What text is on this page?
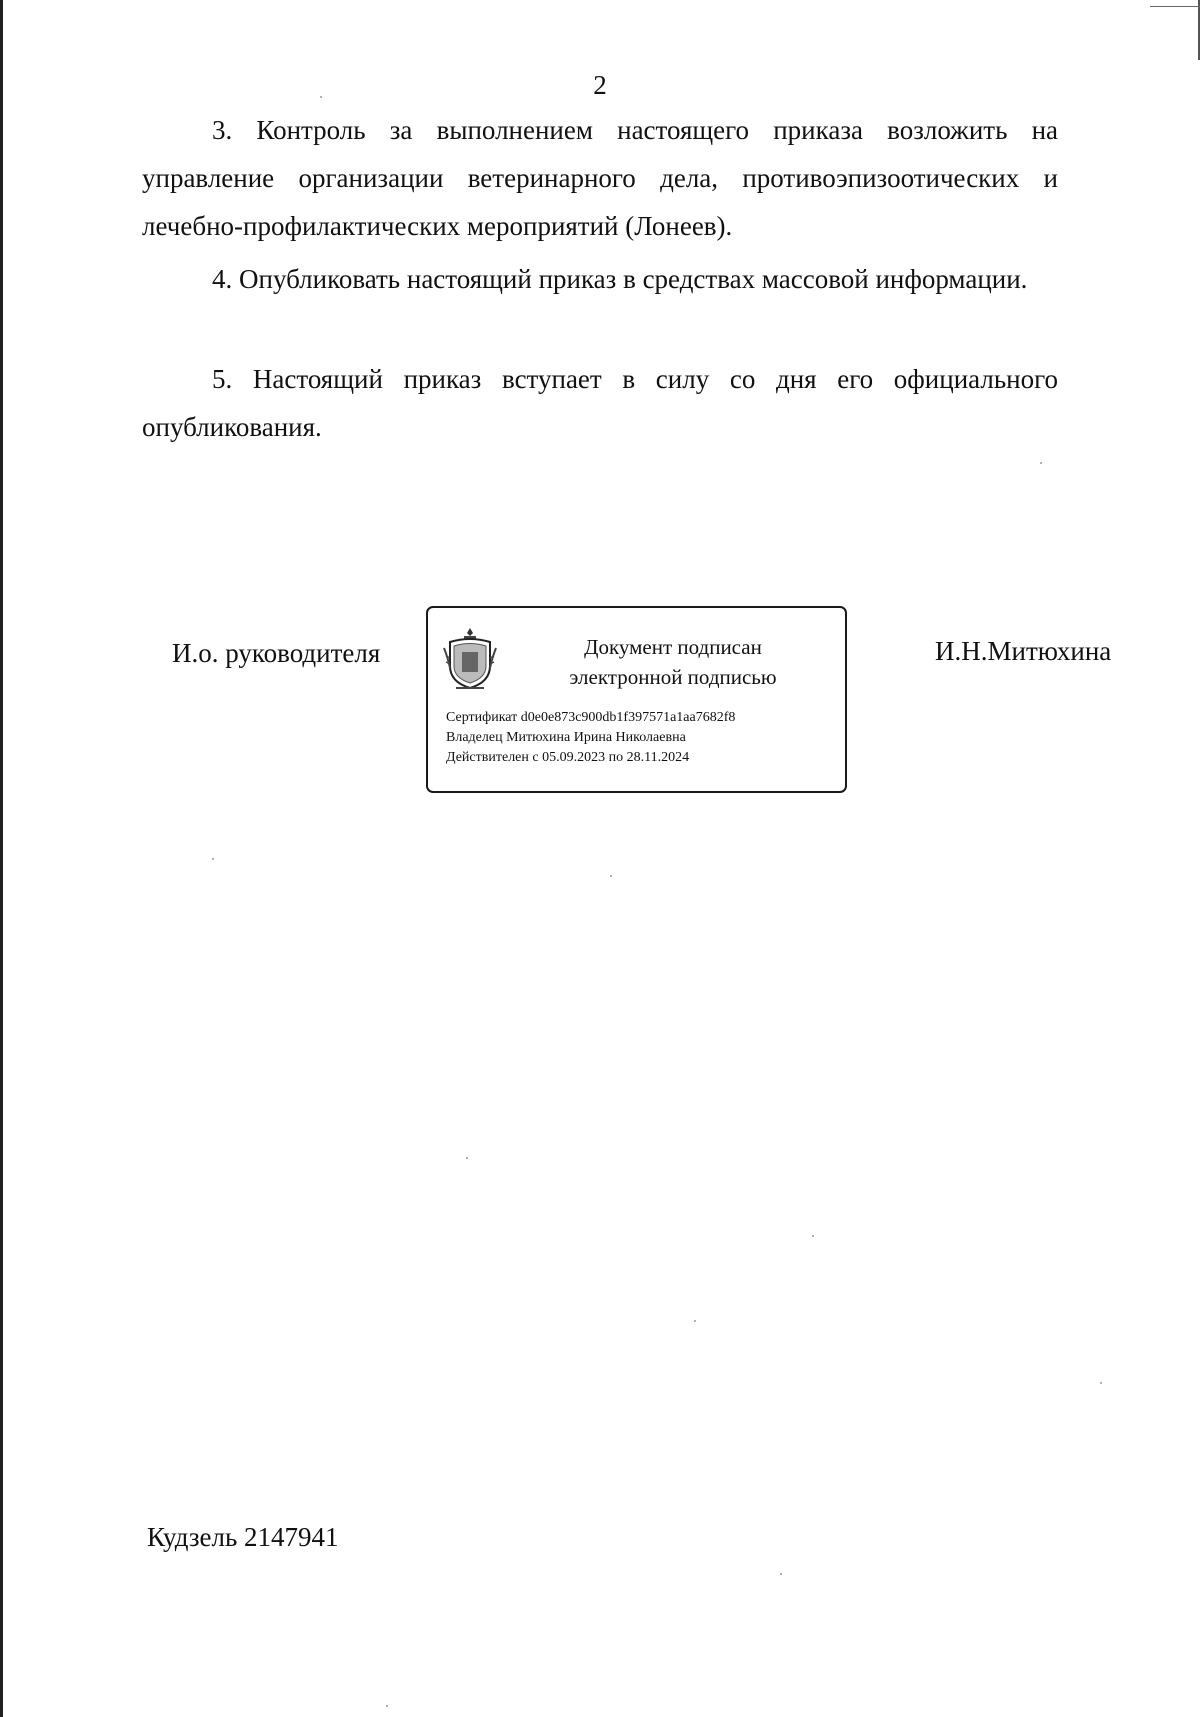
2
3. Контроль за выполнением настоящего приказа возложить на управление организации ветеринарного дела, противоэпизоотических и лечебно-профилактических мероприятий (Лонеев).
4. Опубликовать настоящий приказ в средствах массовой информации.
5. Настоящий приказ вступает в силу со дня его официального опубликования.
И.о. руководителя	Документ подписан электронной подписью
Сертификат d0e0e873c900db1f397571a1aa7682f8
Владелец Митюхина Ирина Николаевна
Действителен с 05.09.2023 по 28.11.2024
И.Н.Митюхина
Кудзель 2147941
